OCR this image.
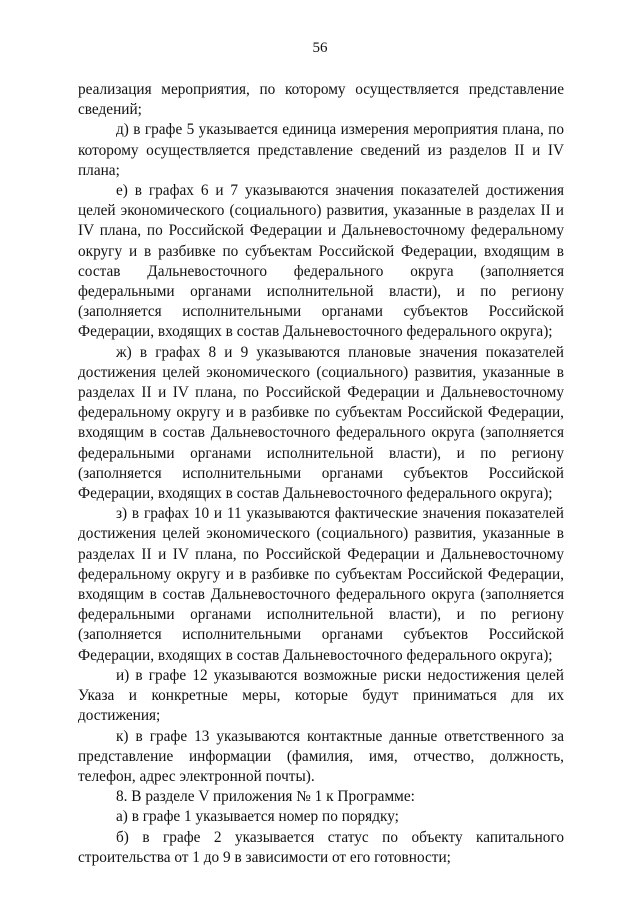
56

реализация мероприятия, по которому осуществляется представление сведений;

д) в графе 5 указывается единица измерения мероприятия плана, по которому осуществляется представление сведений из разделов II и IV плана;

е) в графах 6 и 7 указываются значения показателей достижения целей экономического (социального) развития, указанные в разделах II и IV плана, по Российской Федерации и Дальневосточному федеральному округу и в разбивке по субъектам Российской Федерации, входящим в состав Дальневосточного федерального округа (заполняется федеральными органами исполнительной власти), и по региону (заполняется исполнительными органами субъектов Российской Федерации, входящих в состав Дальневосточного федерального округа);

ж) в графах 8 и 9 указываются плановые значения показателей достижения целей экономического (социального) развития, указанные в разделах II и IV плана, по Российской Федерации и Дальневосточному федеральному округу и в разбивке по субъектам Российской Федерации, входящим в состав Дальневосточного федерального округа (заполняется федеральными органами исполнительной власти), и по региону (заполняется исполнительными органами субъектов Российской Федерации, входящих в состав Дальневосточного федерального округа);

з) в графах 10 и 11 указываются фактические значения показателей достижения целей экономического (социального) развития, указанные в разделах II и IV плана, по Российской Федерации и Дальневосточному федеральному округу и в разбивке по субъектам Российской Федерации, входящим в состав Дальневосточного федерального округа (заполняется федеральными органами исполнительной власти), и по региону (заполняется исполнительными органами субъектов Российской Федерации, входящих в состав Дальневосточного федерального округа);

и) в графе 12 указываются возможные риски недостижения целей Указа и конкретные меры, которые будут приниматься для их достижения;

к) в графе 13 указываются контактные данные ответственного за представление информации (фамилия, имя, отчество, должность, телефон, адрес электронной почты).

8. В разделе V приложения № 1 к Программе:

а) в графе 1 указывается номер по порядку;

б) в графе 2 указывается статус по объекту капитального строительства от 1 до 9 в зависимости от его готовности;
